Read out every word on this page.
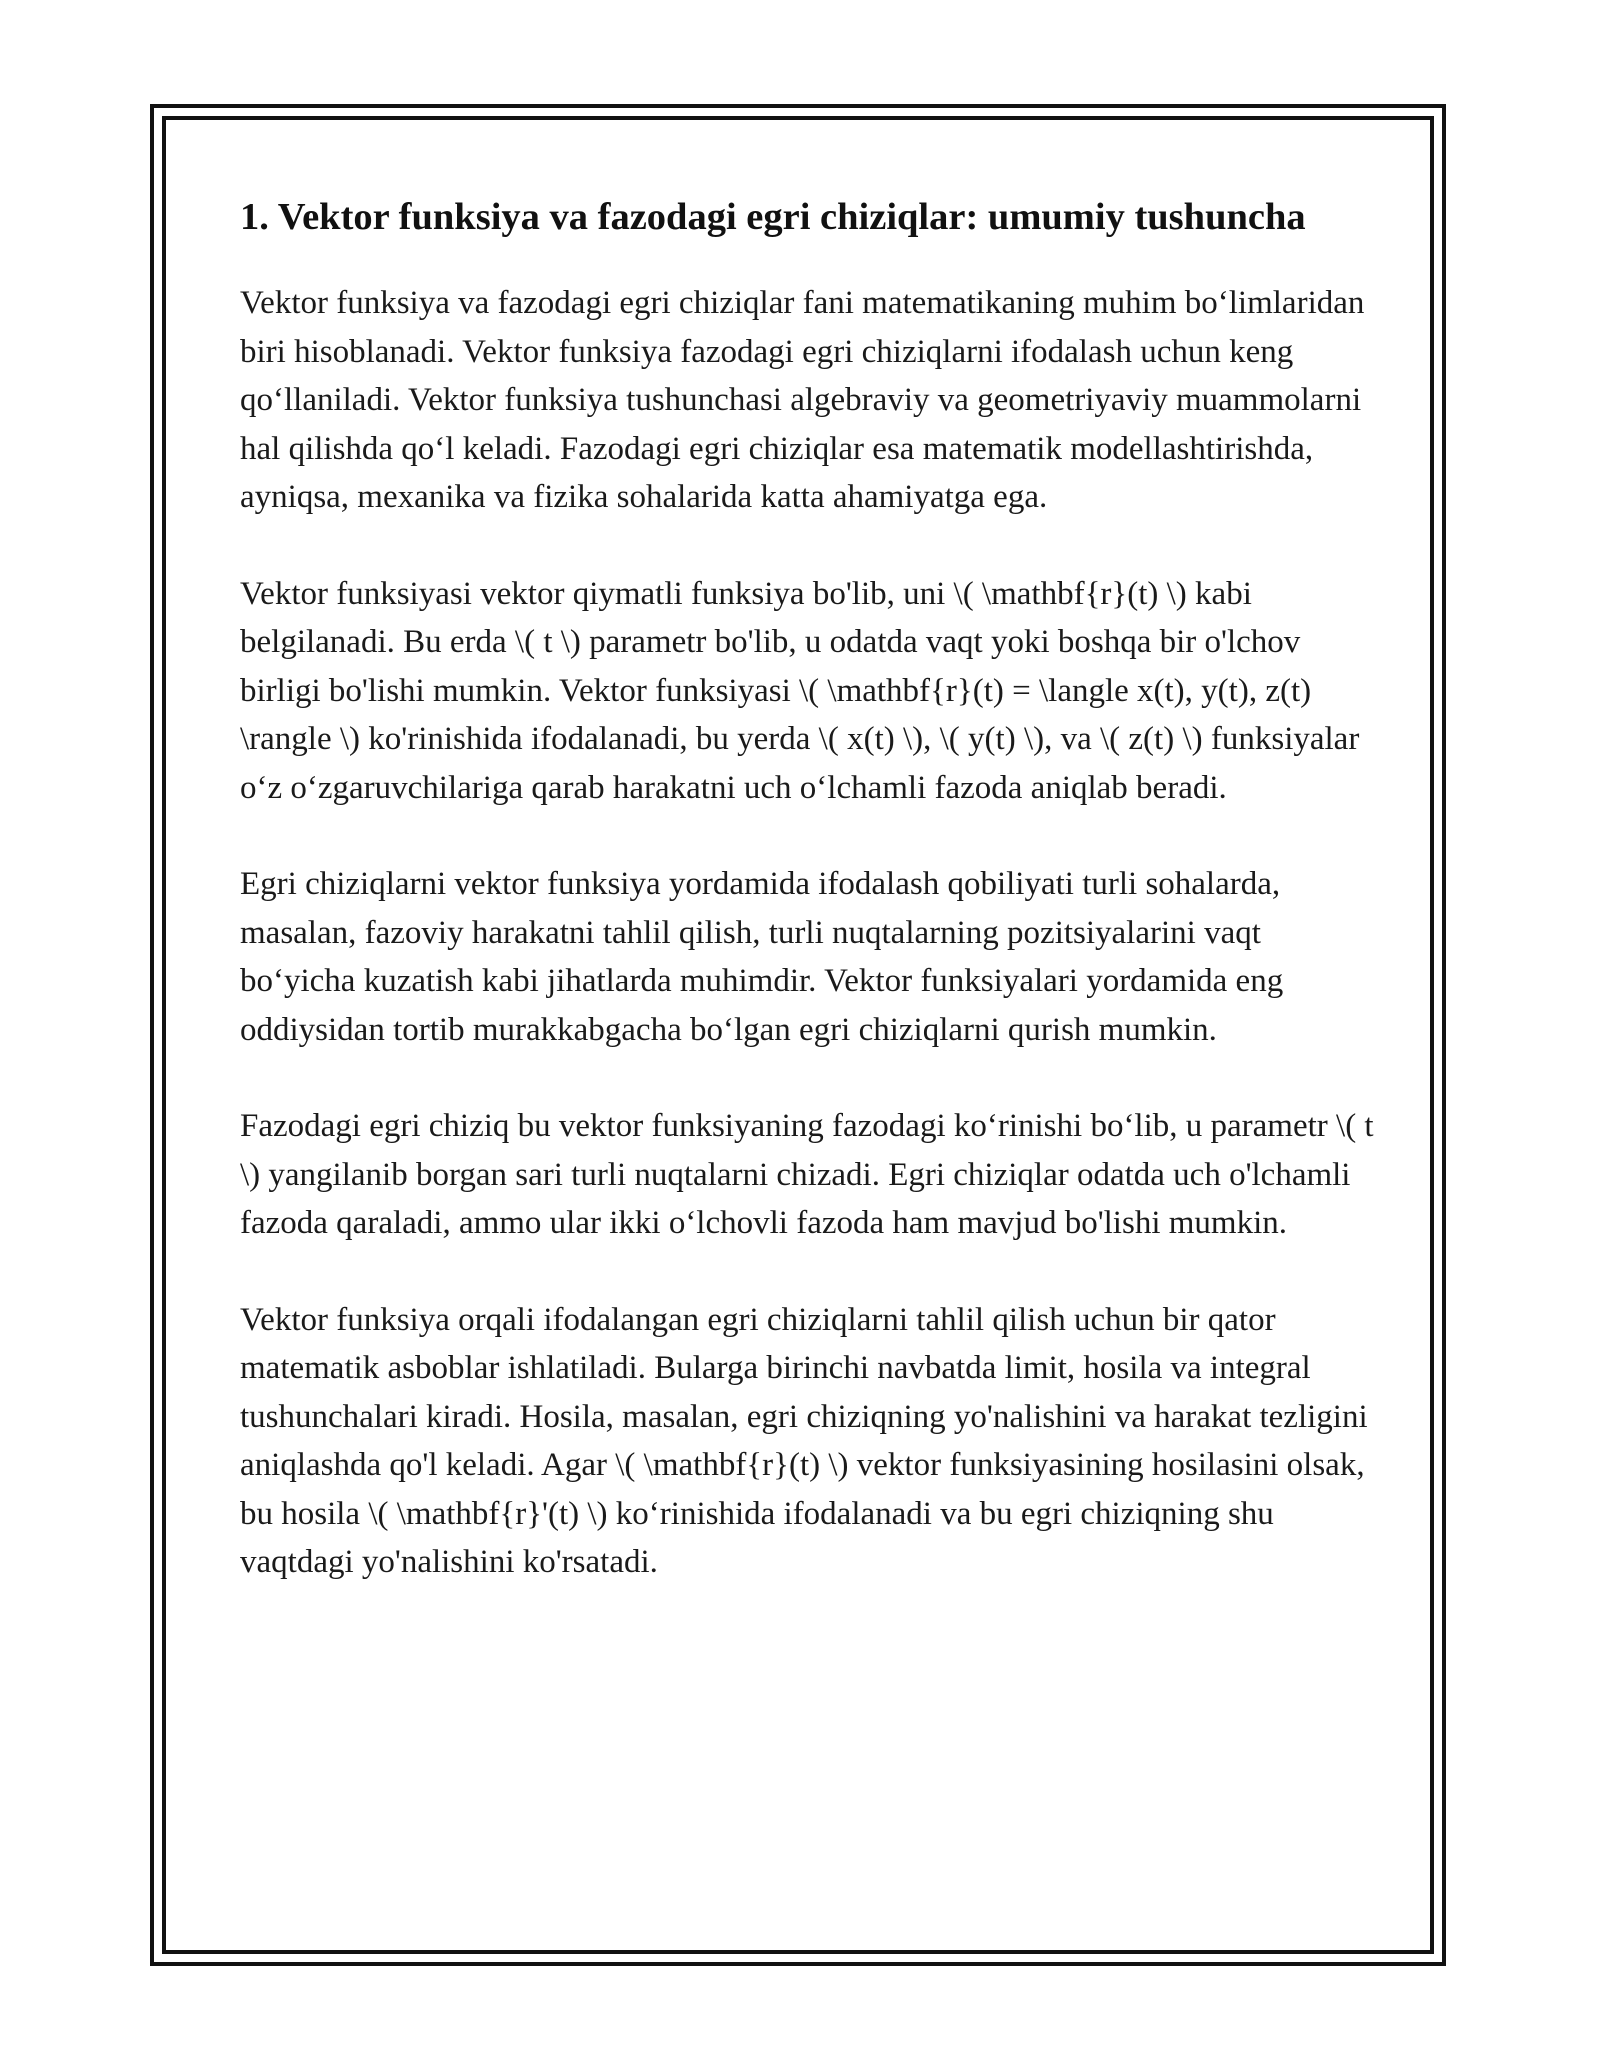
1. Vektor funksiya va fazodagi egri chiziqlar: umumiy tushuncha

Vektor funksiya va fazodagi egri chiziqlar fani matematikaning muhim bo‘limlaridan biri hisoblanadi. Vektor funksiya fazodagi egri chiziqlarni ifodalash uchun keng qo‘llaniladi. Vektor funksiya tushunchasi algebraviy va geometriyaviy muammolarni hal qilishda qo‘l keladi. Fazodagi egri chiziqlar esa matematik modellashtirishda, ayniqsa, mexanika va fizika sohalarida katta ahamiyatga ega.

Vektor funksiyasi vektor qiymatli funksiya bo'lib, uni \( \mathbf{r}(t) \) kabi belgilanadi. Bu erda \( t \) parametr bo'lib, u odatda vaqt yoki boshqa bir o'lchov birligi bo'lishi mumkin. Vektor funksiyasi \( \mathbf{r}(t) = \langle x(t), y(t), z(t) \rangle \) ko'rinishida ifodalanadi, bu yerda \( x(t) \), \( y(t) \), va \( z(t) \) funksiyalar o‘z o‘zgaruvchilariga qarab harakatni uch o‘lchamli fazoda aniqlab beradi.

Egri chiziqlarni vektor funksiya yordamida ifodalash qobiliyati turli sohalarda, masalan, fazoviy harakatni tahlil qilish, turli nuqtalarning pozitsiyalarini vaqt bo‘yicha kuzatish kabi jihatlarda muhimdir. Vektor funksiyalari yordamida eng oddiysidan tortib murakkabgacha bo‘lgan egri chiziqlarni qurish mumkin.

Fazodagi egri chiziq bu vektor funksiyaning fazodagi ko‘rinishi bo‘lib, u parametr \( t \) yangilanib borgan sari turli nuqtalarni chizadi. Egri chiziqlar odatda uch o'lchamli fazoda qaraladi, ammo ular ikki o‘lchovli fazoda ham mavjud bo'lishi mumkin.

Vektor funksiya orqali ifodalangan egri chiziqlarni tahlil qilish uchun bir qator matematik asboblar ishlatiladi. Bularga birinchi navbatda limit, hosila va integral tushunchalari kiradi. Hosila, masalan, egri chiziqning yo'nalishini va harakat tezligini aniqlashda qo'l keladi. Agar \( \mathbf{r}(t) \) vektor funksiyasining hosilasini olsak, bu hosila \( \mathbf{r}'(t) \) ko‘rinishida ifodalanadi va bu egri chiziqning shu vaqtdagi yo'nalishini ko'rsatadi.
